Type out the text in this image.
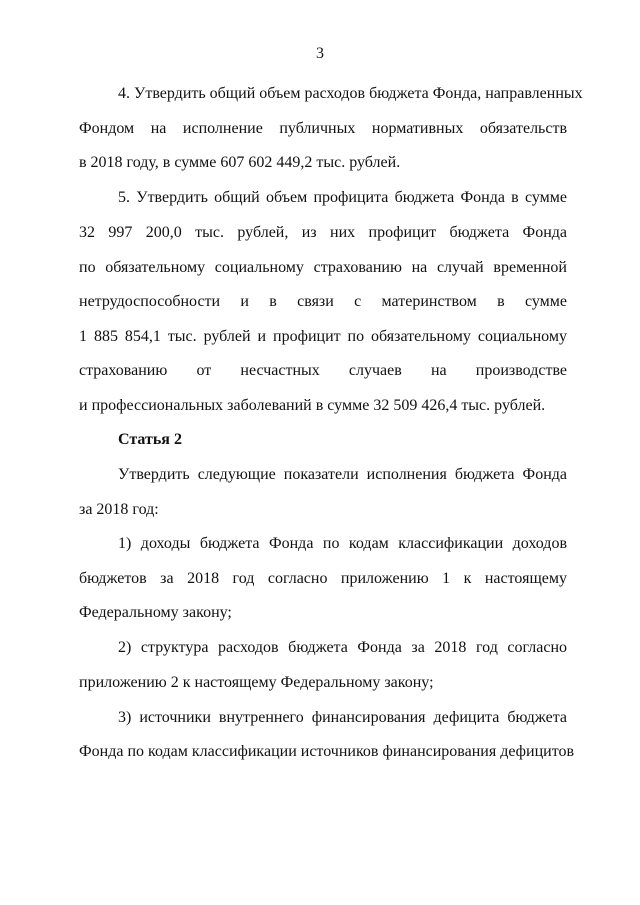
3
4. Утвердить общий объем расходов бюджета Фонда, направленных
Фондом на исполнение публичных нормативных обязательств
в 2018 году, в сумме 607 602 449,2 тыс. рублей.
5. Утвердить общий объем профицита бюджета Фонда в сумме
32 997 200,0 тыс. рублей, из них профицит бюджета Фонда
по обязательному социальному страхованию на случай временной
нетрудоспособности и в связи с материнством в сумме
1 885 854,1 тыс. рублей и профицит по обязательному социальному
страхованию от несчастных случаев на производстве
и профессиональных заболеваний в сумме 32 509 426,4 тыс. рублей.
Статья 2
Утвердить следующие показатели исполнения бюджета Фонда
за 2018 год:
1) доходы бюджета Фонда по кодам классификации доходов
бюджетов за 2018 год согласно приложению 1 к настоящему
Федеральному закону;
2) структура расходов бюджета Фонда за 2018 год согласно
приложению 2 к настоящему Федеральному закону;
3) источники внутреннего финансирования дефицита бюджета
Фонда по кодам классификации источников финансирования дефицитов
